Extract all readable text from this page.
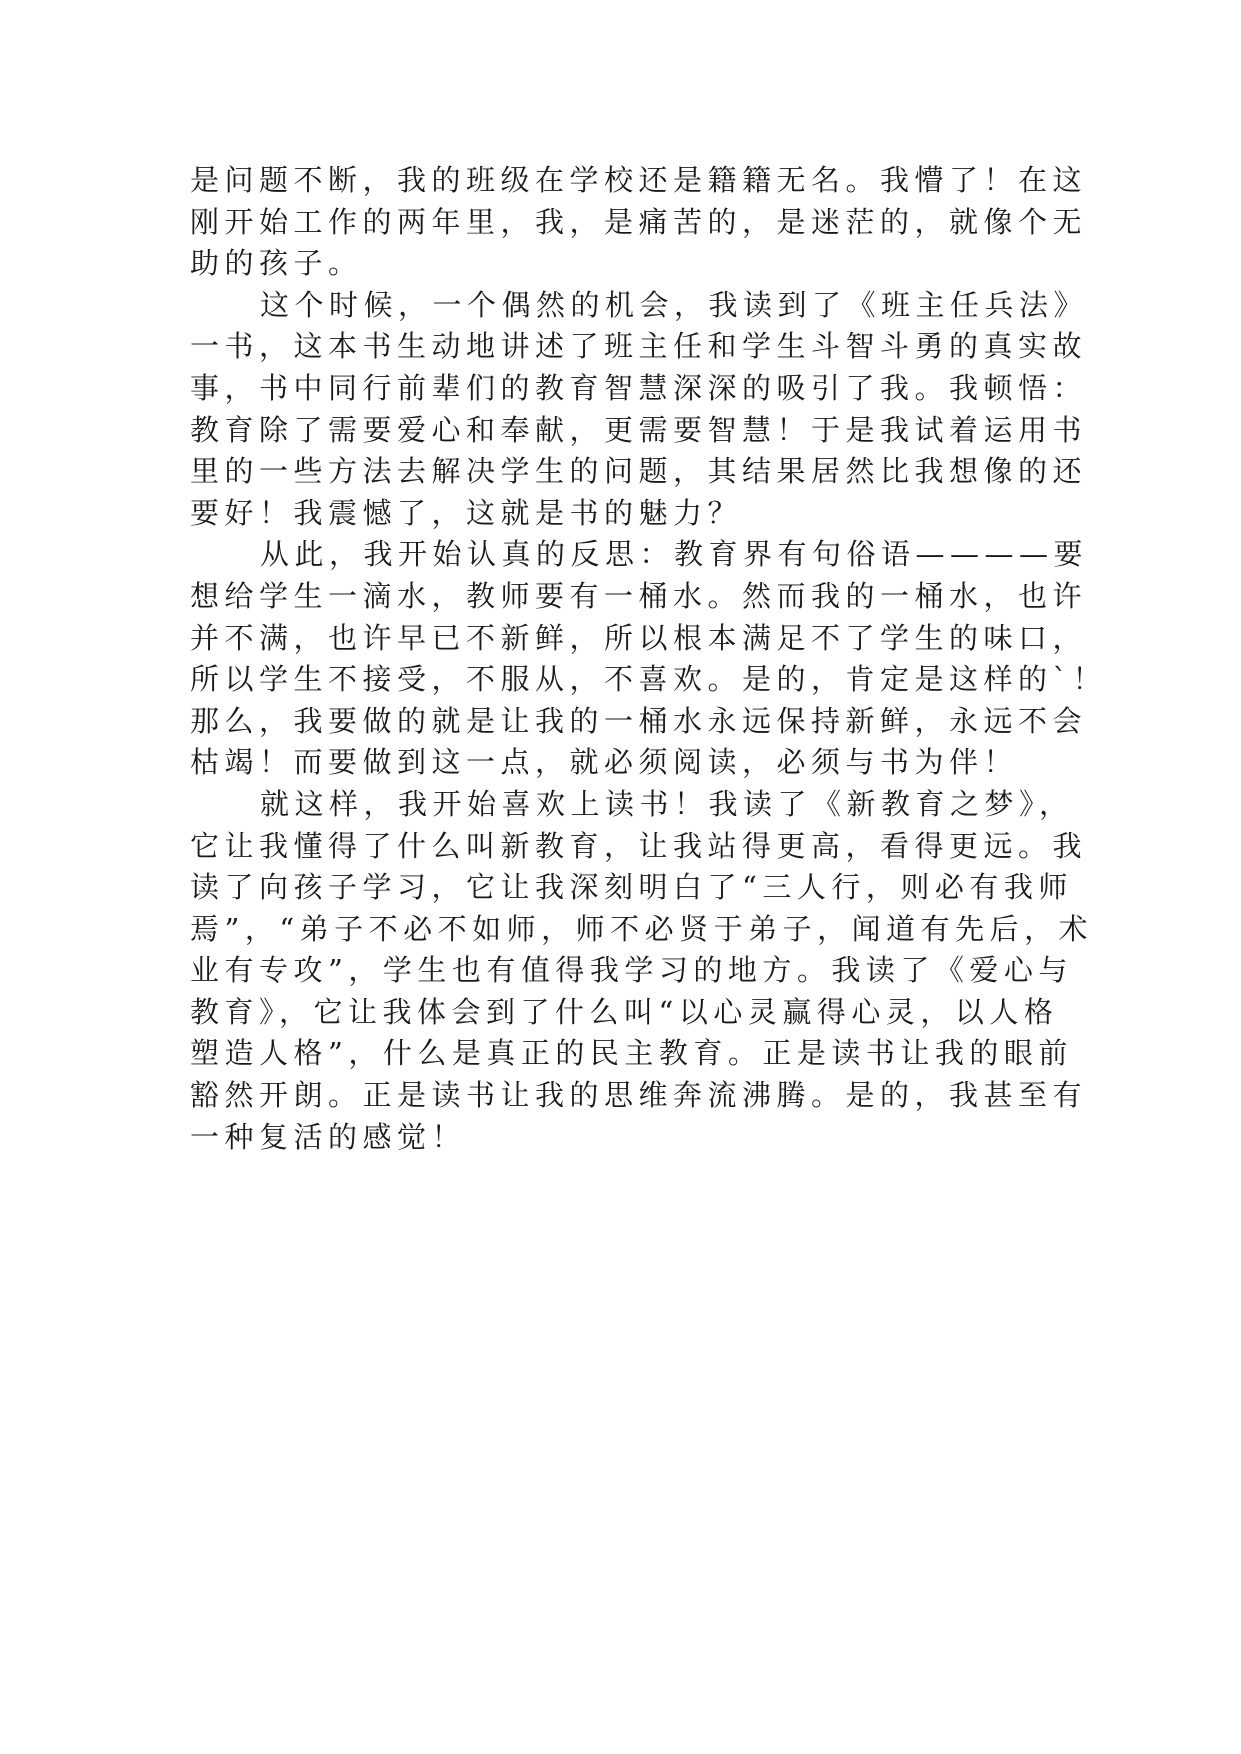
是问题不断，我的班级在学校还是籍籍无名。我懵了！在这
刚开始工作的两年里，我，是痛苦的，是迷茫的，就像个无
助的孩子。
这个时候，一个偶然的机会，我读到了《班主任兵法》
一书，这本书生动地讲述了班主任和学生斗智斗勇的真实故
事，书中同行前辈们的教育智慧深深的吸引了我。我顿悟：
教育除了需要爱心和奉献，更需要智慧！于是我试着运用书
里的一些方法去解决学生的问题，其结果居然比我想像的还
要好！我震憾了，这就是书的魅力？
从此，我开始认真的反思：教育界有句俗语————要
想给学生一滴水，教师要有一桶水。然而我的一桶水，也许
并不满，也许早已不新鲜，所以根本满足不了学生的味口，
所以学生不接受，不服从，不喜欢。是的，肯定是这样的`！
那么，我要做的就是让我的一桶水永远保持新鲜，永远不会
枯竭！而要做到这一点，就必须阅读，必须与书为伴！
就这样，我开始喜欢上读书！我读了《新教育之梦》，
它让我懂得了什么叫新教育，让我站得更高，看得更远。我
读了向孩子学习，它让我深刻明白了“三人行，则必有我师
焉”，“弟子不必不如师，师不必贤于弟子，闻道有先后，术
业有专攻”，学生也有值得我学习的地方。我读了《爱心与
教育》，它让我体会到了什么叫“以心灵赢得心灵，以人格
塑造人格”，什么是真正的民主教育。正是读书让我的眼前
豁然开朗。正是读书让我的思维奔流沸腾。是的，我甚至有
一种复活的感觉！
